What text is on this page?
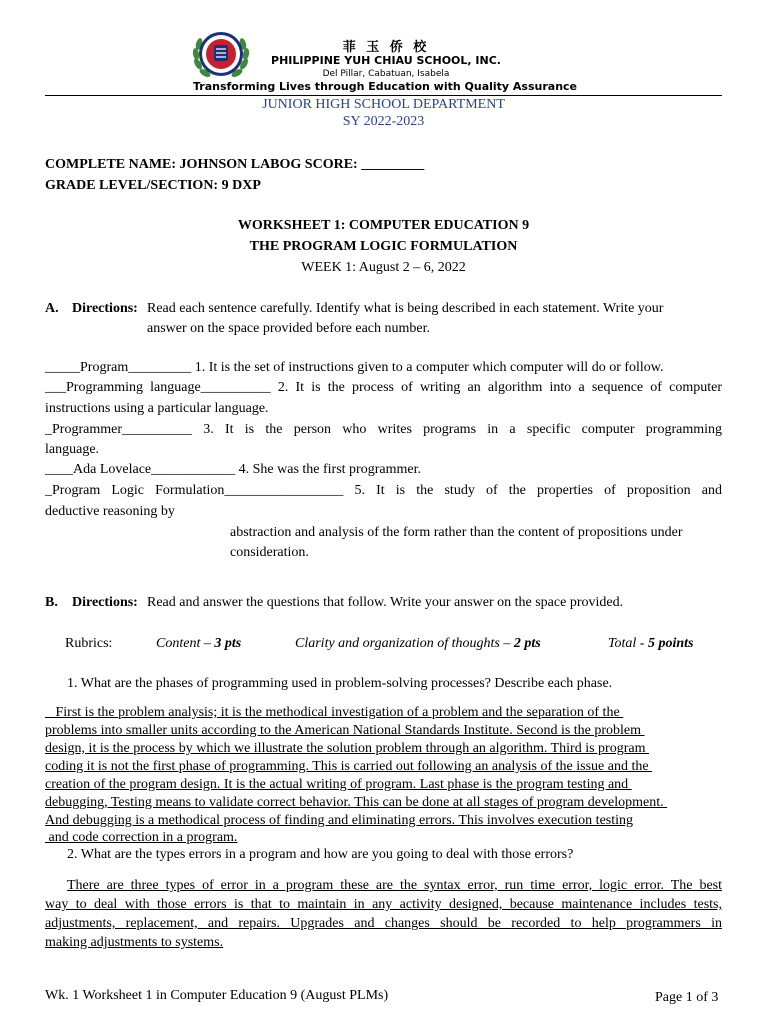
菲 玉 侨 校
PHILIPPINE YUH CHIAU SCHOOL, INC.
Del Pillar, Cabatuan, Isabela
Transforming Lives through Education with Quality Assurance
JUNIOR HIGH SCHOOL DEPARTMENT
SY 2022-2023
COMPLETE NAME: JOHNSON LABOG SCORE: _________
GRADE LEVEL/SECTION: 9 DXP
WORKSHEET 1: COMPUTER EDUCATION 9
THE PROGRAM LOGIC FORMULATION
WEEK 1: August 2 – 6, 2022
A. Directions: Read each sentence carefully. Identify what is being described in each statement. Write your
answer on the space provided before each number.
_____Program_________ 1. It is the set of instructions given to a computer which computer will do or follow.
___Programming language__________ 2. It is the process of writing an algorithm into a sequence of computer
instructions using a particular language.
_Programmer__________ 3. It is the person who writes programs in a specific computer programming
language.
____Ada Lovelace____________ 4. She was the first programmer.
_Program Logic Formulation_________________ 5. It is the study of the properties of proposition and
deductive reasoning by
abstraction and analysis of the form rather than the content of propositions under
consideration.
B. Directions: Read and answer the questions that follow. Write your answer on the space provided.
Rubrics:	Content – 3 pts	Clarity and organization of thoughts – 2 pts	Total - 5 points
1. What are the phases of programming used in problem-solving processes? Describe each phase.
First is the problem analysis; it is the methodical investigation of a problem and the separation of the
problems into smaller units according to the American National Standards Institute. Second is the problem
design, it is the process by which we illustrate the solution problem through an algorithm. Third is program
coding it is not the first phase of programming. This is carried out following an analysis of the issue and the
creation of the program design. It is the actual writing of program. Last phase is the program testing and
debugging, Testing means to validate correct behavior. This can be done at all stages of program development.
And debugging is a methodical process of finding and eliminating errors. This involves execution testing
and code correction in a program.
2. What are the types errors in a program and how are you going to deal with those errors?
There are three types of error in a program these are the syntax error, run time error, logic error. The best
way to deal with those errors is that to maintain in any activity designed, because maintenance includes tests,
adjustments, replacement, and repairs. Upgrades and changes should be recorded to help programmers in
making adjustments to systems.
Wk. 1 Worksheet 1 in Computer Education 9 (August PLMs)	Page 1 of 3
